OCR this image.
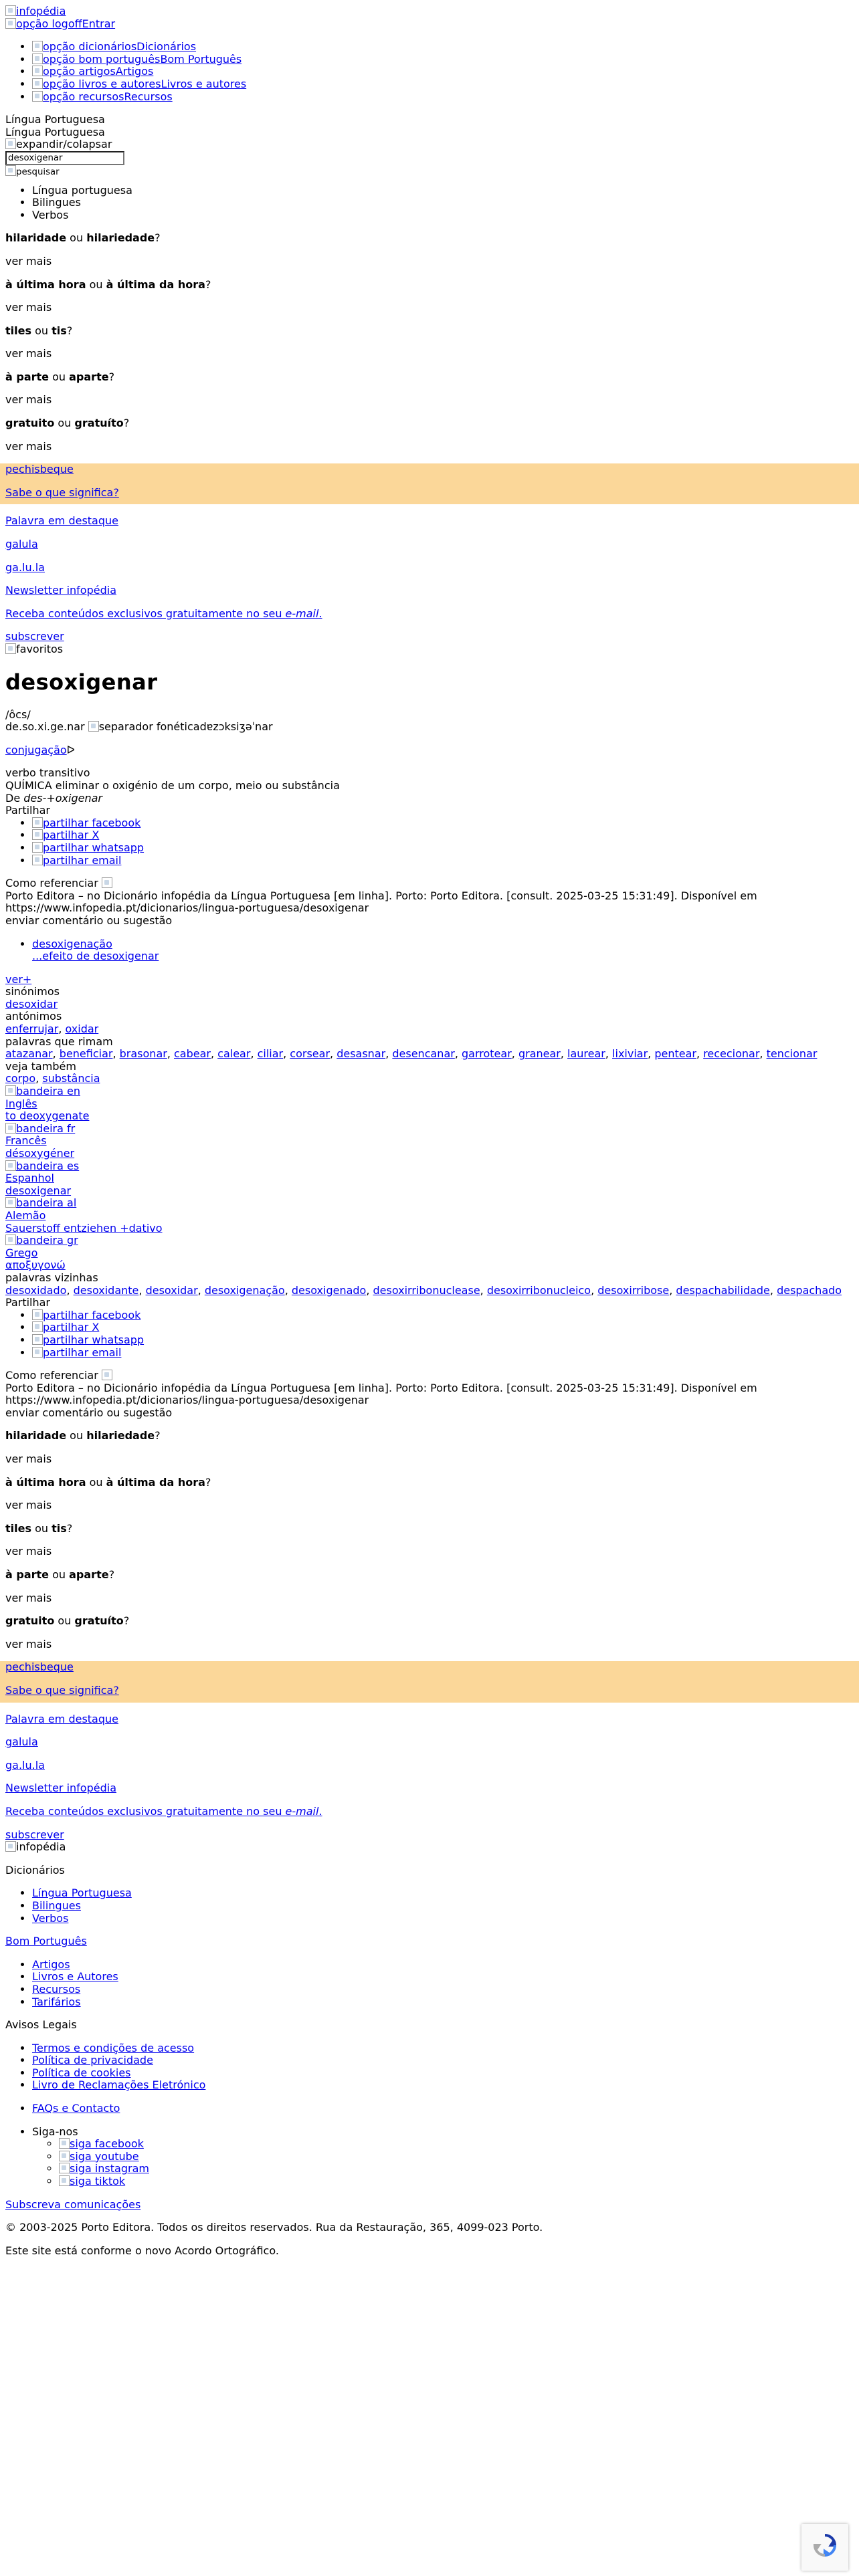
infopédia
opção logoffEntrar
• opção dicionáriosDicionários
• opção bom portuguêsBom Português
• opção artigosArtigos
• opção livros e autoresLivros e autores
• opção recursosRecursos
Língua Portuguesa
Língua Portuguesa
expandir/colapsar
desoxigenar
pesquisar
• Língua portuguesa
• Bilingues
• Verbos

hilaridade ou hilariedade?

ver mais

à última hora ou à última da hora?

ver mais

tiles ou tis?

ver mais

à parte ou aparte?

ver mais

gratuito ou gratuíto?

ver mais

pechisbeque

Sabe o que significa?

Palavra em destaque

galula

ga.lu.la

Newsletter infopédia

Receba conteúdos exclusivos gratuitamente no seu e-mail.

subscrever

favoritos
desoxigenar
/ôcs/
de.so.xi.ge.nar separador fonéticadɐzɔksiʒəˈnar

conjugaçãoᐅ

verbo transitivo
QUÍMICA eliminar o oxigénio de um corpo, meio ou substância
De des-+oxigenar
Partilhar
• partilhar facebook
• partilhar X
• partilhar whatsapp
• partilhar email
Como referenciar
Porto Editora – no Dicionário infopédia da Língua Portuguesa [em linha]. Porto: Porto Editora. [consult. 2025-03-25 15:31:49]. Disponível em https://www.infopedia.pt/dicionarios/lingua-portuguesa/desoxigenar
enviar comentário ou sugestão
• desoxigenação
...efeito de desoxigenar
ver+
sinónimos
desoxidar
antónimos
enferrujar, oxidar
palavras que rimam
atazanar, beneficiar, brasonar, cabear, calear, ciliar, corsear, desasnar, desencanar, garrotear, granear, laurear, lixiviar, pentear, rececionar, tencionar
veja também
corpo, substância
bandeira en
Inglês
to deoxygenate
bandeira fr
Francês
désoxygéner
bandeira es
Espanhol
desoxigenar
bandeira al
Alemão
Sauerstoff entziehen +dativo
bandeira gr
Grego
αποξυγονώ
palavras vizinhas
desoxidado, desoxidante, desoxidar, desoxigenação, desoxigenado, desoxirribonuclease, desoxirribonucleico, desoxirribose, despachabilidade, despachado
Partilhar
• partilhar facebook
• partilhar X
• partilhar whatsapp
• partilhar email
Como referenciar
Porto Editora – no Dicionário infopédia da Língua Portuguesa [em linha]. Porto: Porto Editora. [consult. 2025-03-25 15:31:49]. Disponível em https://www.infopedia.pt/dicionarios/lingua-portuguesa/desoxigenar
enviar comentário ou sugestão

hilaridade ou hilariedade?

ver mais

à última hora ou à última da hora?

ver mais

tiles ou tis?

ver mais

à parte ou aparte?

ver mais

gratuito ou gratuíto?

ver mais

pechisbeque

Sabe o que significa?

Palavra em destaque

galula

ga.lu.la

Newsletter infopédia

Receba conteúdos exclusivos gratuitamente no seu e-mail.

subscrever

infopédia

Dicionários

• Língua Portuguesa
• Bilingues
• Verbos

Bom Português

• Artigos
• Livros e Autores
• Recursos
• Tarifários

Avisos Legais

• Termos e condições de acesso
• Política de privacidade
• Política de cookies
• Livro de Reclamações Eletrónico
• FAQs e Contacto
• Siga-nos
◦ siga facebook
◦ siga youtube
◦ siga instagram
◦ siga tiktok

Subscreva comunicações

© 2003-2025 Porto Editora. Todos os direitos reservados. Rua da Restauração, 365, 4099-023 Porto.

Este site está conforme o novo Acordo Ortográfico.
